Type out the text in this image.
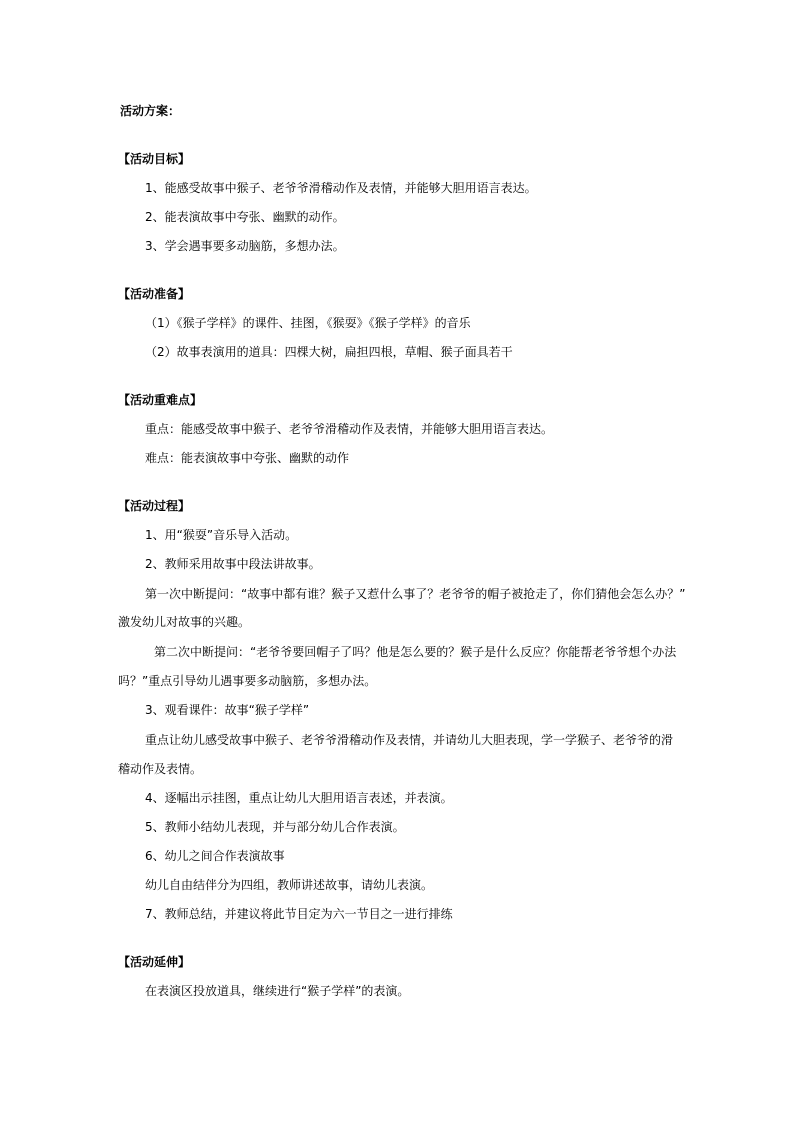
活动方案：
【活动目标】
1、能感受故事中猴子、老爷爷滑稽动作及表情，并能够大胆用语言表达。
2、能表演故事中夸张、幽默的动作。
3、学会遇事要多动脑筋，多想办法。
【活动准备】
（1）《猴子学样》的课件、挂图，《猴耍》《猴子学样》的音乐
（2）故事表演用的道具：四棵大树，扁担四根，草帽、猴子面具若干
【活动重难点】
重点：能感受故事中猴子、老爷爷滑稽动作及表情，并能够大胆用语言表达。
难点：能表演故事中夸张、幽默的动作
【活动过程】
1、用“猴耍”音乐导入活动。
2、教师采用故事中段法讲故事。
第一次中断提问：“故事中都有谁？猴子又惹什么事了？老爷爷的帽子被抢走了，你们猜他会怎么办？”
激发幼儿对故事的兴趣。
第二次中断提问：“老爷爷要回帽子了吗？他是怎么要的？猴子是什么反应？你能帮老爷爷想个办法
吗？”重点引导幼儿遇事要多动脑筋，多想办法。
3、观看课件：故事“猴子学样”
重点让幼儿感受故事中猴子、老爷爷滑稽动作及表情，并请幼儿大胆表现，学一学猴子、老爷爷的滑
稽动作及表情。
4、逐幅出示挂图，重点让幼儿大胆用语言表述，并表演。
5、教师小结幼儿表现，并与部分幼儿合作表演。
6、幼儿之间合作表演故事
幼儿自由结伴分为四组，教师讲述故事，请幼儿表演。
7、教师总结，并建议将此节目定为六一节目之一进行排练
【活动延伸】
在表演区投放道具，继续进行“猴子学样”的表演。
